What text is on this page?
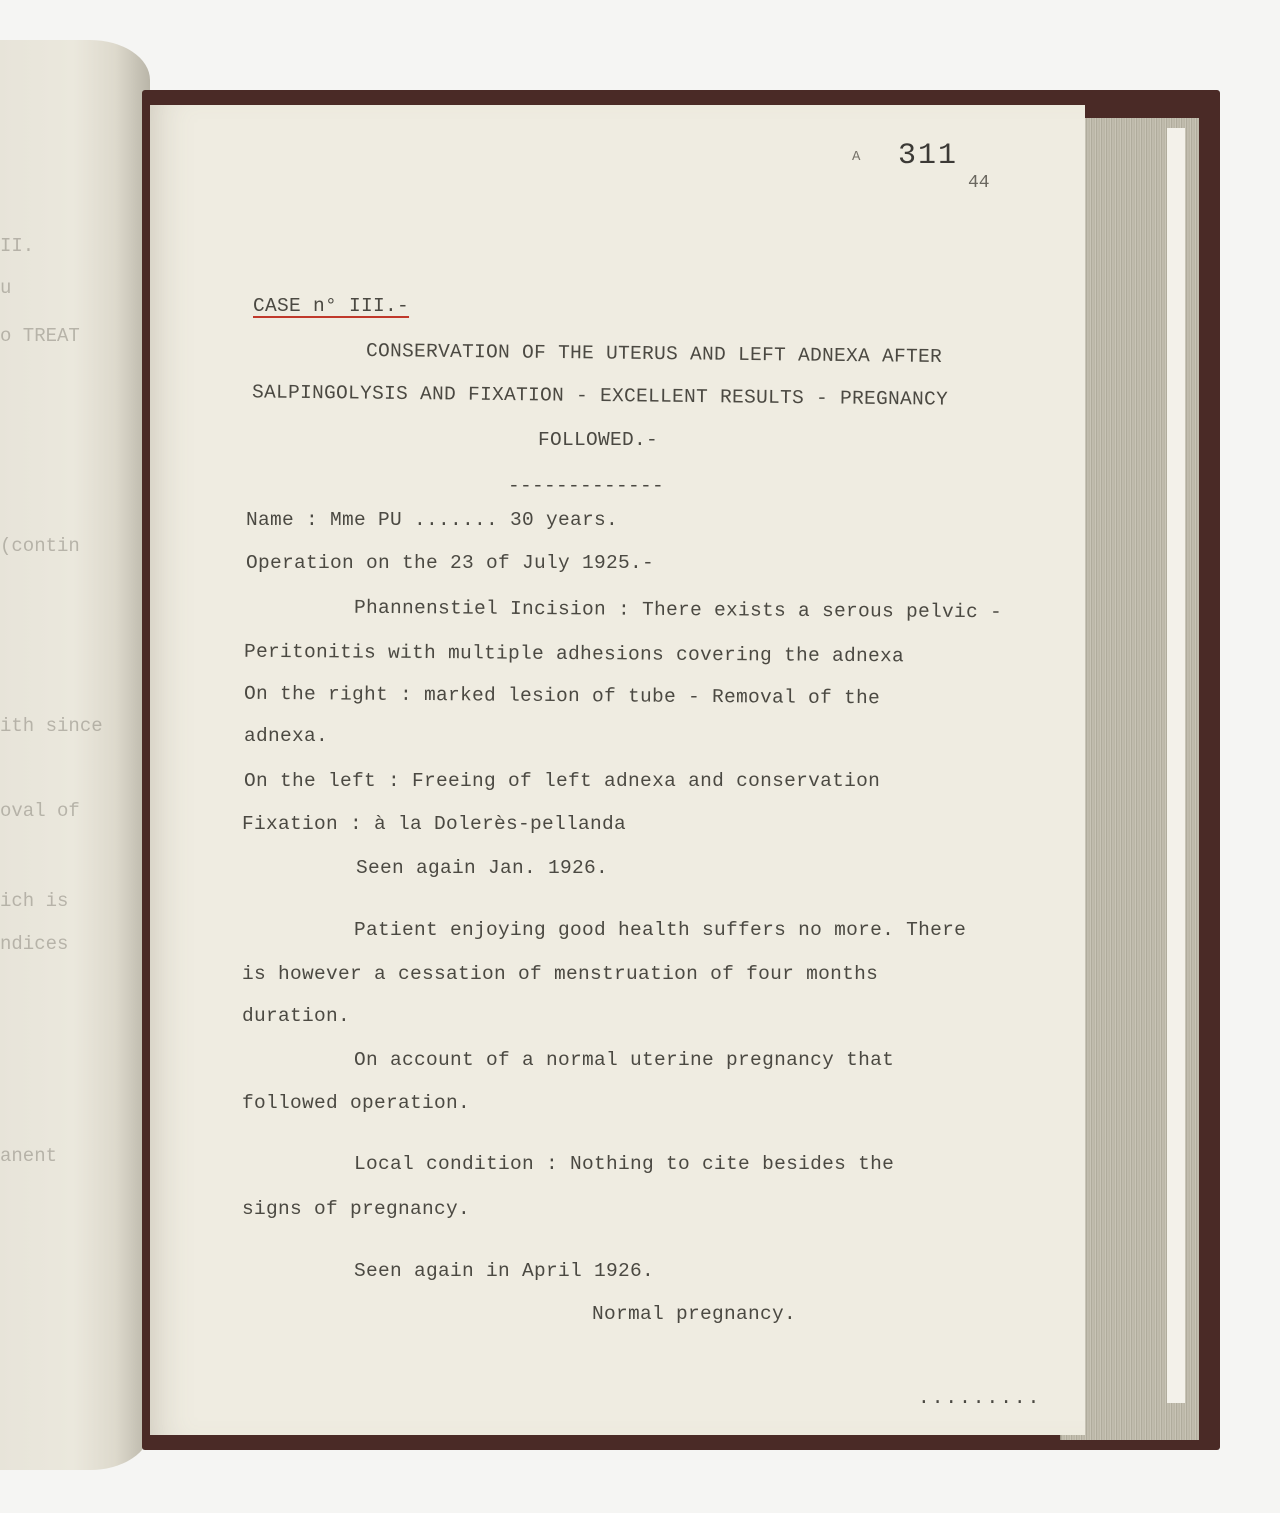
II.
u
o TREAT
(contin
ith since
oval of
ich is
ndices
anent
A 311
44
CASE n° III.-
CONSERVATION OF THE UTERUS AND LEFT ADNEXA AFTER
SALPINGOLYSIS AND FIXATION - EXCELLENT RESULTS - PREGNANCY
FOLLOWED.-
-------------
Name : Mme PU ....... 30 years.
Operation on the 23 of July 1925.-
Phannenstiel Incision : There exists a serous pelvic -
Peritonitis with multiple adhesions covering the adnexa
On the right : marked lesion of tube - Removal of the
adnexa.
On the left : Freeing of left adnexa and conservation
Fixation : à la Dolerès-pellanda
Seen again Jan. 1926.
Patient enjoying good health suffers no more. There
is however a cessation of menstruation of four months
duration.
On account of a normal uterine pregnancy that
followed operation.
Local condition : Nothing to cite besides the
signs of pregnancy.
Seen again in April 1926.
Normal pregnancy.
.........
